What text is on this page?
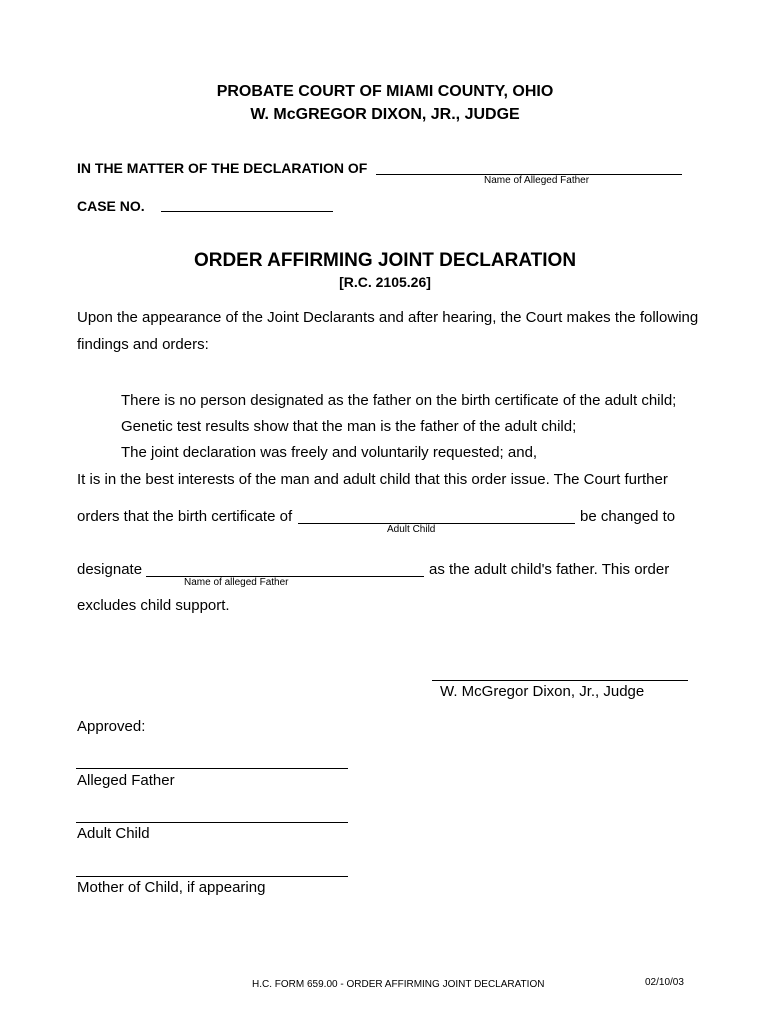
PROBATE COURT OF MIAMI COUNTY, OHIO
W. McGREGOR DIXON, JR., JUDGE
IN THE MATTER OF THE DECLARATION OF
Name of Alleged Father
CASE NO.
ORDER AFFIRMING JOINT DECLARATION
[R.C. 2105.26]
Upon the appearance of the Joint Declarants and after hearing, the Court makes the following
findings and orders:
There is no person designated as the father on the birth certificate of the adult child;
Genetic test results show that the man is the father of the adult child;
The joint declaration was freely and voluntarily requested; and,
It is in the best interests of the man and adult child that this order issue. The Court further
orders that the birth certificate of	be changed to
Adult Child
designate	as the adult child's father. This order
Name of alleged Father
excludes child support.
W. McGregor Dixon, Jr., Judge
Approved:
Alleged Father
Adult Child
Mother of Child, if appearing
H.C. FORM 659.00 - ORDER AFFIRMING JOINT DECLARATION	02/10/03
